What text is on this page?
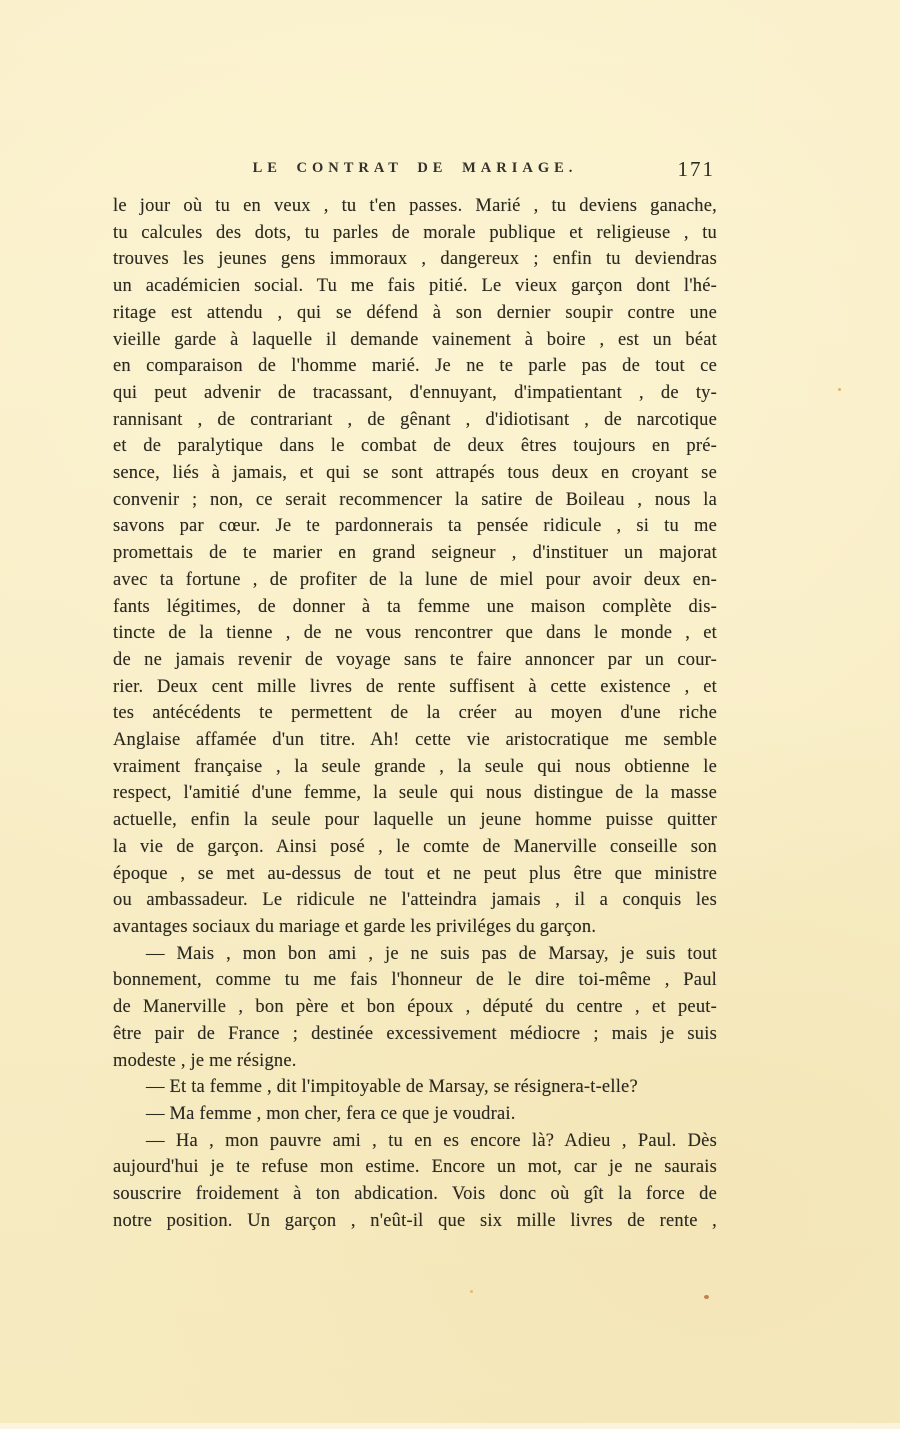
LE CONTRAT DE MARIAGE.	171
le jour où tu en veux , tu t'en passes. Marié , tu deviens ganache,
tu calcules des dots, tu parles de morale publique et religieuse , tu
trouves les jeunes gens immoraux , dangereux ; enfin tu deviendras
un académicien social. Tu me fais pitié. Le vieux garçon dont l'hé-
ritage est attendu , qui se défend à son dernier soupir contre une
vieille garde à laquelle il demande vainement à boire , est un béat
en comparaison de l'homme marié. Je ne te parle pas de tout ce
qui peut advenir de tracassant, d'ennuyant, d'impatientant , de ty-
rannisant , de contrariant , de gênant , d'idiotisant , de narcotique
et de paralytique dans le combat de deux êtres toujours en pré-
sence, liés à jamais, et qui se sont attrapés tous deux en croyant se
convenir ; non, ce serait recommencer la satire de Boileau , nous la
savons par cœur. Je te pardonnerais ta pensée ridicule , si tu me
promettais de te marier en grand seigneur , d'instituer un majorat
avec ta fortune , de profiter de la lune de miel pour avoir deux en-
fants légitimes, de donner à ta femme une maison complète dis-
tincte de la tienne , de ne vous rencontrer que dans le monde , et
de ne jamais revenir de voyage sans te faire annoncer par un cour-
rier. Deux cent mille livres de rente suffisent à cette existence , et
tes antécédents te permettent de la créer au moyen d'une riche
Anglaise affamée d'un titre. Ah! cette vie aristocratique me semble
vraiment française , la seule grande , la seule qui nous obtienne le
respect, l'amitié d'une femme, la seule qui nous distingue de la masse
actuelle, enfin la seule pour laquelle un jeune homme puisse quitter
la vie de garçon. Ainsi posé , le comte de Manerville conseille son
époque , se met au-dessus de tout et ne peut plus être que ministre
ou ambassadeur. Le ridicule ne l'atteindra jamais , il a conquis les
avantages sociaux du mariage et garde les priviléges du garçon.
— Mais , mon bon ami , je ne suis pas de Marsay, je suis tout
bonnement, comme tu me fais l'honneur de le dire toi-même , Paul
de Manerville , bon père et bon époux , député du centre , et peut-
être pair de France ; destinée excessivement médiocre ; mais je suis
modeste , je me résigne.
— Et ta femme , dit l'impitoyable de Marsay, se résignera-t-elle?
— Ma femme , mon cher, fera ce que je voudrai.
— Ha , mon pauvre ami , tu en es encore là? Adieu , Paul. Dès
aujourd'hui je te refuse mon estime. Encore un mot, car je ne saurais
souscrire froidement à ton abdication. Vois donc où gît la force de
notre position. Un garçon , n'eût-il que six mille livres de rente ,
